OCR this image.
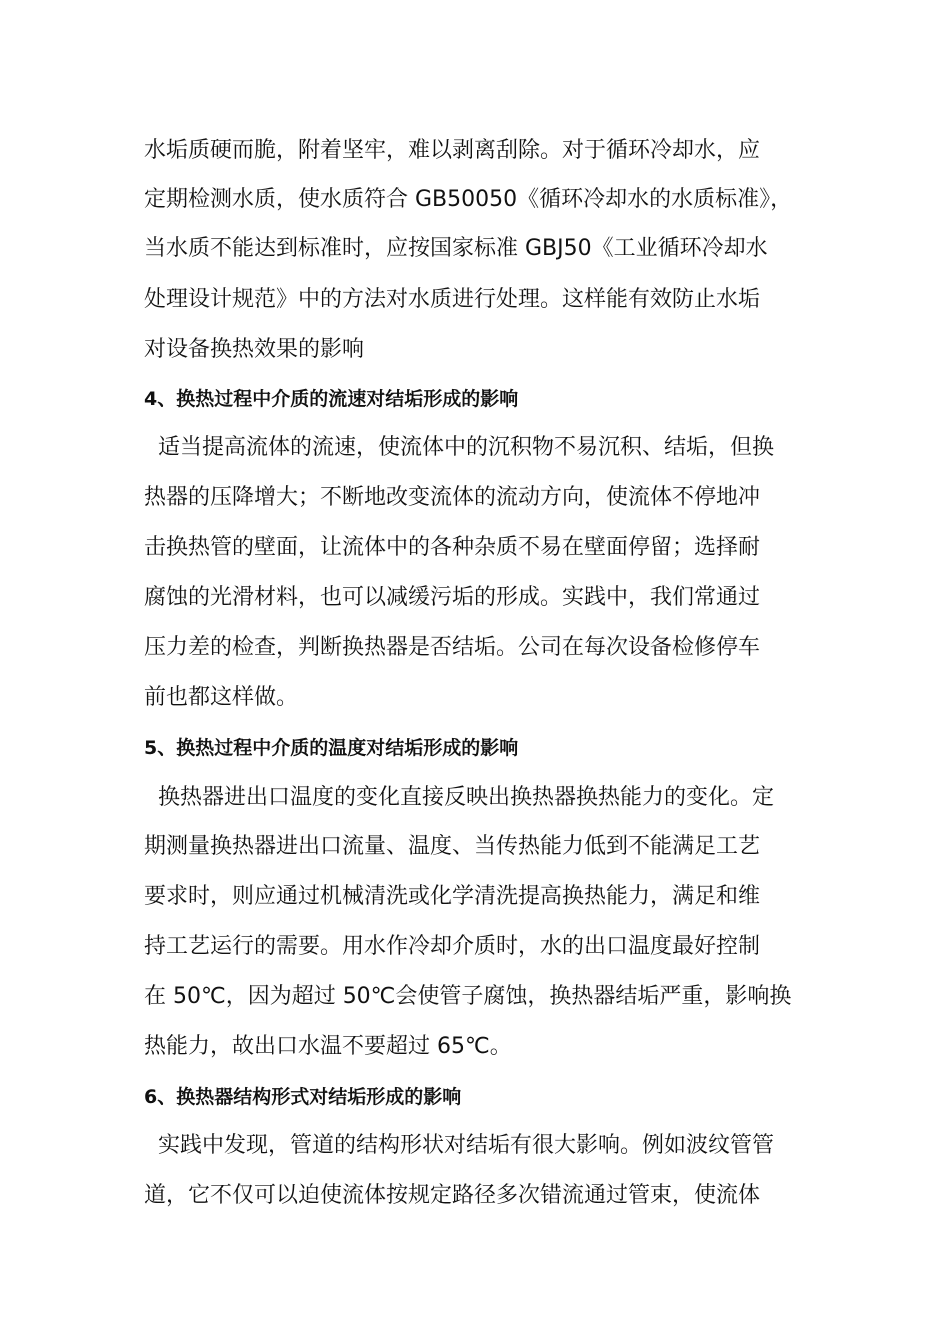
水垢质硬而脆，附着坚牢，难以剥离刮除。对于循环冷却水，应
定期检测水质，使水质符合 GB50050《循环冷却水的水质标准》，
当水质不能达到标准时，应按国家标准 GBJ50《工业循环冷却水
处理设计规范》中的方法对水质进行处理。这样能有效防止水垢
对设备换热效果的影响
4、换热过程中介质的流速对结垢形成的影响
适当提高流体的流速，使流体中的沉积物不易沉积、结垢，但换
热器的压降增大；不断地改变流体的流动方向，使流体不停地冲
击换热管的壁面，让流体中的各种杂质不易在壁面停留；选择耐
腐蚀的光滑材料，也可以减缓污垢的形成。实践中，我们常通过
压力差的检查，判断换热器是否结垢。公司在每次设备检修停车
前也都这样做。
5、换热过程中介质的温度对结垢形成的影响
换热器进出口温度的变化直接反映出换热器换热能力的变化。定
期测量换热器进出口流量、温度、当传热能力低到不能满足工艺
要求时，则应通过机械清洗或化学清洗提高换热能力，满足和维
持工艺运行的需要。用水作冷却介质时，水的出口温度最好控制
在 50℃，因为超过 50℃会使管子腐蚀，换热器结垢严重，影响换
热能力，故出口水温不要超过 65℃。
6、换热器结构形式对结垢形成的影响
实践中发现，管道的结构形状对结垢有很大影响。例如波纹管管
道，它不仅可以迫使流体按规定路径多次错流通过管束，使流体
